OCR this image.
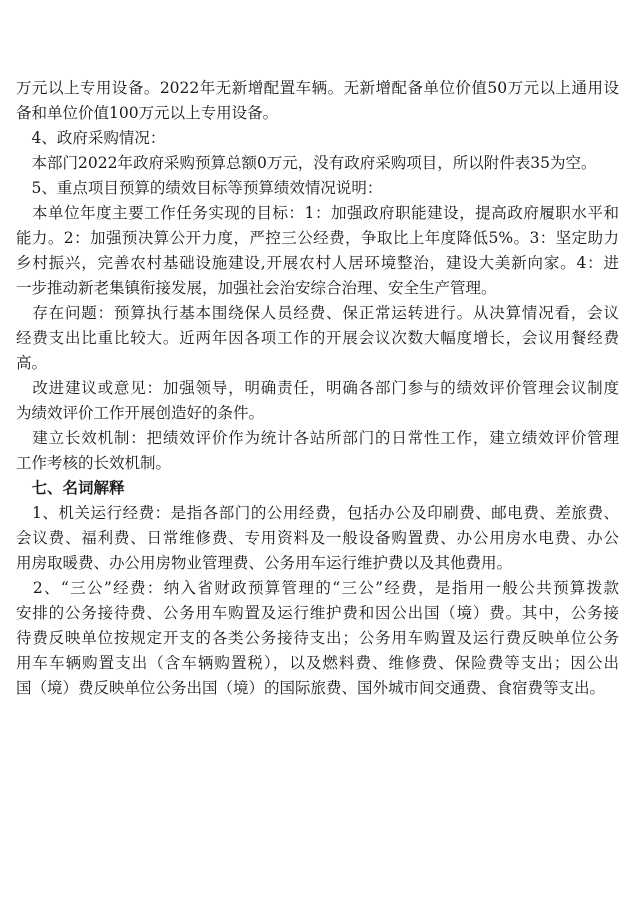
万元以上专用设备。2022年无新增配置车辆。无新增配备单位价值50万元以上通用设
备和单位价值100万元以上专用设备。
　4、政府采购情况：
　本部门2022年政府采购预算总额0万元，没有政府采购项目，所以附件表35为空。
　5、重点项目预算的绩效目标等预算绩效情况说明：
　本单位年度主要工作任务实现的目标：1：加强政府职能建设，提高政府履职水平和
能力。2：加强预决算公开力度，严控三公经费，争取比上年度降低5%。3：坚定助力
乡村振兴，完善农村基础设施建设,开展农村人居环境整治，建设大美新向家。4：进
一步推动新老集镇衔接发展，加强社会治安综合治理、安全生产管理。
　存在问题：预算执行基本围绕保人员经费、保正常运转进行。从决算情况看，会议
经费支出比重比较大。近两年因各项工作的开展会议次数大幅度增长，会议用餐经费
高。
　改进建议或意见：加强领导，明确责任，明确各部门参与的绩效评价管理会议制度
为绩效评价工作开展创造好的条件。
　建立长效机制：把绩效评价作为统计各站所部门的日常性工作，建立绩效评价管理
工作考核的长效机制。
　七、名词解释
　1、机关运行经费：是指各部门的公用经费，包括办公及印刷费、邮电费、差旅费、
会议费、福利费、日常维修费、专用资料及一般设备购置费、办公用房水电费、办公
用房取暖费、办公用房物业管理费、公务用车运行维护费以及其他费用。
　2、“三公”经费：纳入省财政预算管理的“三公”经费，是指用一般公共预算拨款
安排的公务接待费、公务用车购置及运行维护费和因公出国（境）费。其中，公务接
待费反映单位按规定开支的各类公务接待支出；公务用车购置及运行费反映单位公务
用车车辆购置支出（含车辆购置税），以及燃料费、维修费、保险费等支出；因公出
国（境）费反映单位公务出国（境）的国际旅费、国外城市间交通费、食宿费等支出。
